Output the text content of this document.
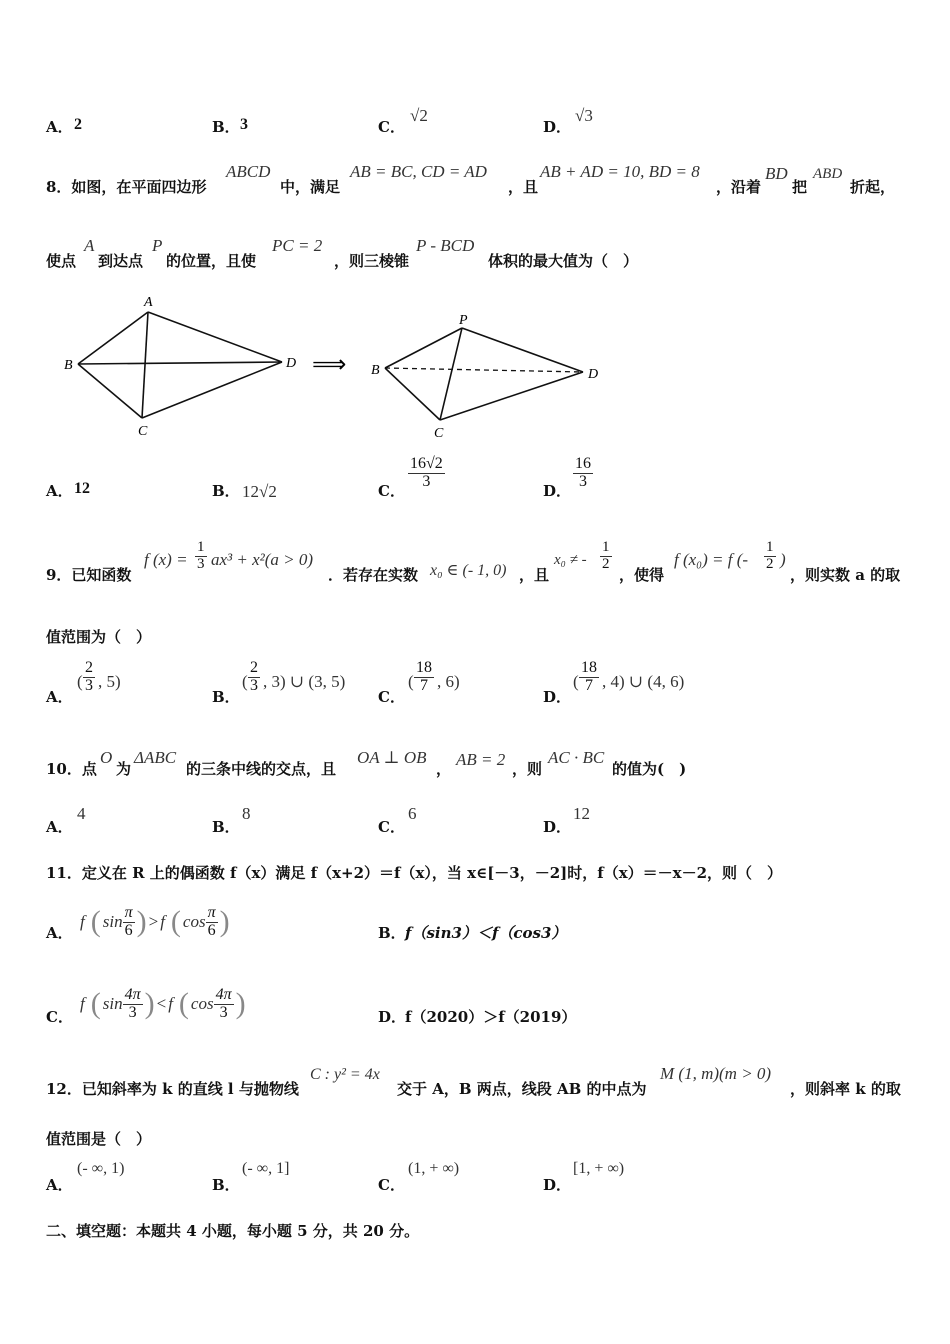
A． 2	B． 3	C．
√2
D．
√3
8．如图，在平面四边形
ABCD
中，满足
AB = BC, CD = AD
，且
AB + AD = 10, BD = 8
，沿着
BD
把
ABD
折起，
使点
A
到达点
P
的位置，且使
PC = 2
，则三棱锥
P - BCD
体积的最大值为（　）
A
B
C
D ⟹
P
B
C
D
A． 12	B． 12√2	C．
$\frac{16√2}{3}$
D．
$\frac{16}{3}$
9．已知函数
f $(x) = \frac{1}{3} ax^3 + x^2(a > 0)$
．若存在实数 x₀ ∈ (- 1, 0) ，且
x₀ ≠ - $\frac{1}{2}$
，使得
f (x₀) = f (- $\frac{1}{2}$ )
，则实数 a 的取
值范围为（　）
A．
( $\frac{2}{3}$ , 5)
B．
( $\frac{2}{3}$ , 3) ∪ (3, 5)
C．
( $\frac{18}{7}$ , 6)
D．
( $\frac{18}{7}$ , 4) ∪ (4, 6)
10．点
O
为
ΔABC
的三条中线的交点，且
OA ⊥ OB
， AB = 2 ，则
AC · BC
的值为(　)
A．
4
B．
8
C．
6
D．
12
11．定义在 R 上的偶函数 f（x）满足 f（x+2）＝f（x），当 x∈[－3，－2]时，f（x）＝－x－2，则（　）
A．
f ( $\sin \frac{\pi}{6}$ ) > f ( $\cos \frac{\pi}{6}$ )	B． f（sin3）＜f（cos3）
C．
f ( $\sin \frac{4\pi}{3}$ ) < f ( $\cos \frac{4\pi}{3}$ )	D．
f（2020）＞f（2019）
12．已知斜率为 k 的直线 l 与抛物线
C : y² = 4x
交于 A，B 两点，线段 AB 的中点为
M (1, m)(m > 0)
，则斜率 k 的取
值范围是（　）
A．
(- ∞, 1)
B．
(- ∞, 1]
C．
(1, + ∞)
D．
[1, + ∞)
二、填空题：本题共 4 小题，每小题 5 分，共 20 分。
